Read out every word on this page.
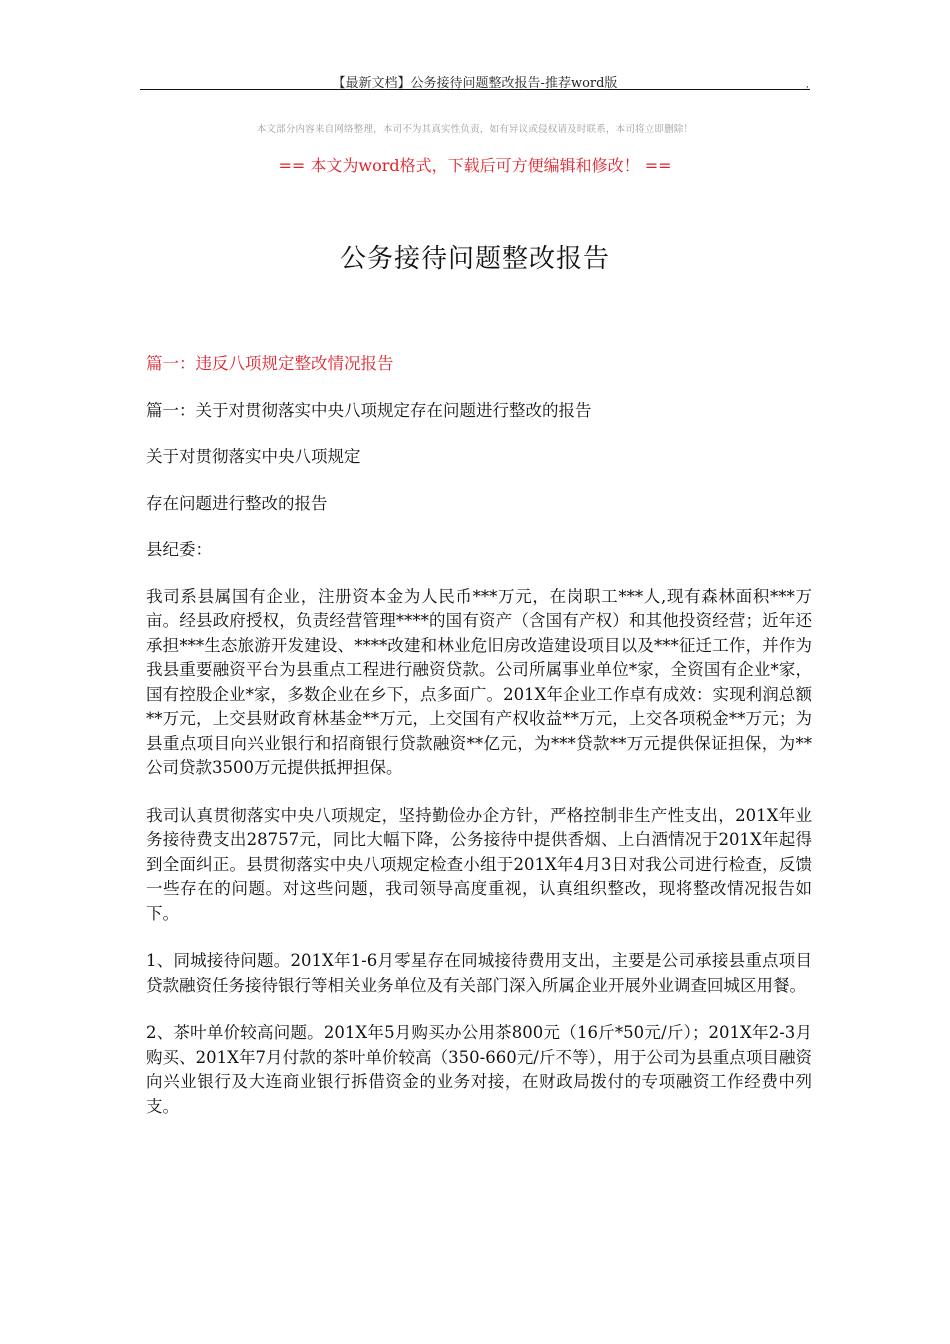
【最新文档】公务接待问题整改报告-推荐word版	,
本文部分内容来自网络整理，本司不为其真实性负责，如有异议或侵权请及时联系，本司将立即删除！
== 本文为word格式，下载后可方便编辑和修改！ ==
公务接待问题整改报告
篇一：违反八项规定整改情况报告
篇一：关于对贯彻落实中央八项规定存在问题进行整改的报告
关于对贯彻落实中央八项规定
存在问题进行整改的报告
县纪委：
我司系县属国有企业，注册资本金为人民币***万元，在岗职工***人,现有森林面积***万亩。经县政府授权，负责经营管理****的国有资产（含国有产权）和其他投资经营；近年还承担***生态旅游开发建设、****改建和林业危旧房改造建设项目以及***征迁工作，并作为我县重要融资平台为县重点工程进行融资贷款。公司所属事业单位*家，全资国有企业*家，国有控股企业*家，多数企业在乡下，点多面广。201X年企业工作卓有成效：实现利润总额**万元，上交县财政育林基金**万元，上交国有产权收益**万元，上交各项税金**万元；为县重点项目向兴业银行和招商银行贷款融资**亿元，为***贷款**万元提供保证担保，为**公司贷款3500万元提供抵押担保。
我司认真贯彻落实中央八项规定，坚持勤俭办企方针，严格控制非生产性支出，201X年业务接待费支出28757元，同比大幅下降，公务接待中提供香烟、上白酒情况于201X年起得到全面纠正。县贯彻落实中央八项规定检查小组于201X年4月3日对我公司进行检查，反馈一些存在的问题。对这些问题，我司领导高度重视，认真组织整改，现将整改情况报告如下。
1、同城接待问题。201X年1-6月零星存在同城接待费用支出，主要是公司承接县重点项目贷款融资任务接待银行等相关业务单位及有关部门深入所属企业开展外业调查回城区用餐。
2、茶叶单价较高问题。201X年5月购买办公用茶800元（16斤*50元/斤）；201X年2-3月购买、201X年7月付款的茶叶单价较高（350-660元/斤不等），用于公司为县重点项目融资向兴业银行及大连商业银行拆借资金的业务对接，在财政局拨付的专项融资工作经费中列支。
